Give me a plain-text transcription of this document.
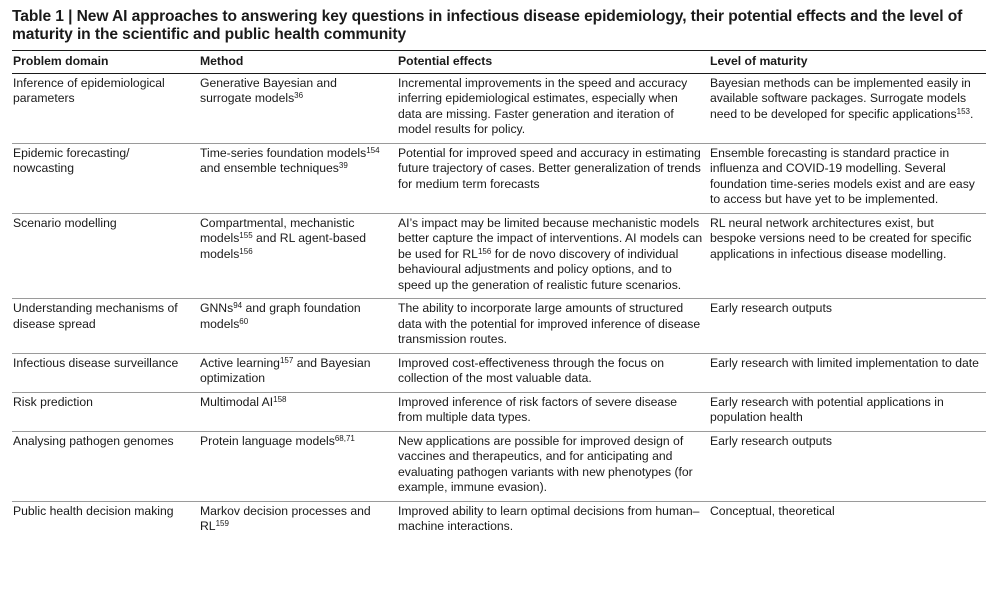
Table 1 | New AI approaches to answering key questions in infectious disease epidemiology, their potential effects and the level of maturity in the scientific and public health community
Problem domain	Method	Potential effects	Level of maturity
Inference of epidemiological parameters	Generative Bayesian and surrogate models$^{36}$	Incremental improvements in the speed and accuracy inferring epidemiological estimates, especially when data are missing. Faster generation and iteration of model results for policy.	Bayesian methods can be implemented easily in available software packages. Surrogate models need to be developed for specific applications$^{153}$.
Epidemic forecasting/ nowcasting	Time-series foundation models$^{154}$ and ensemble techniques$^{39}$	Potential for improved speed and accuracy in estimating future trajectory of cases. Better generalization of trends for medium term forecasts	Ensemble forecasting is standard practice in influenza and COVID-19 modelling. Several foundation time-series models exist and are easy to access but have yet to be implemented.
Scenario modelling	Compartmental, mechanistic models$^{155}$ and RL agent-based models$^{156}$	AI’s impact may be limited because mechanistic models better capture the impact of interventions. AI models can be used for RL$^{156}$ for de novo discovery of individual behavioural adjustments and policy options, and to speed up the generation of realistic future scenarios.	RL neural network architectures exist, but bespoke versions need to be created for specific applications in infectious disease modelling.
Understanding mechanisms of disease spread	GNNs$^{94}$ and graph foundation models$^{60}$	The ability to incorporate large amounts of structured data with the potential for improved inference of disease transmission routes.	Early research outputs
Infectious disease surveillance	Active learning$^{157}$ and Bayesian optimization	Improved cost-effectiveness through the focus on collection of the most valuable data.	Early research with limited implementation to date
Risk prediction	Multimodal AI$^{158}$	Improved inference of risk factors of severe disease from multiple data types.	Early research with potential applications in population health
Analysing pathogen genomes	Protein language models$^{68,71}$	New applications are possible for improved design of vaccines and therapeutics, and for anticipating and evaluating pathogen variants with new phenotypes (for example, immune evasion).	Early research outputs
Public health decision making	Markov decision processes and RL$^{159}$	Improved ability to learn optimal decisions from human–machine interactions.	Conceptual, theoretical
